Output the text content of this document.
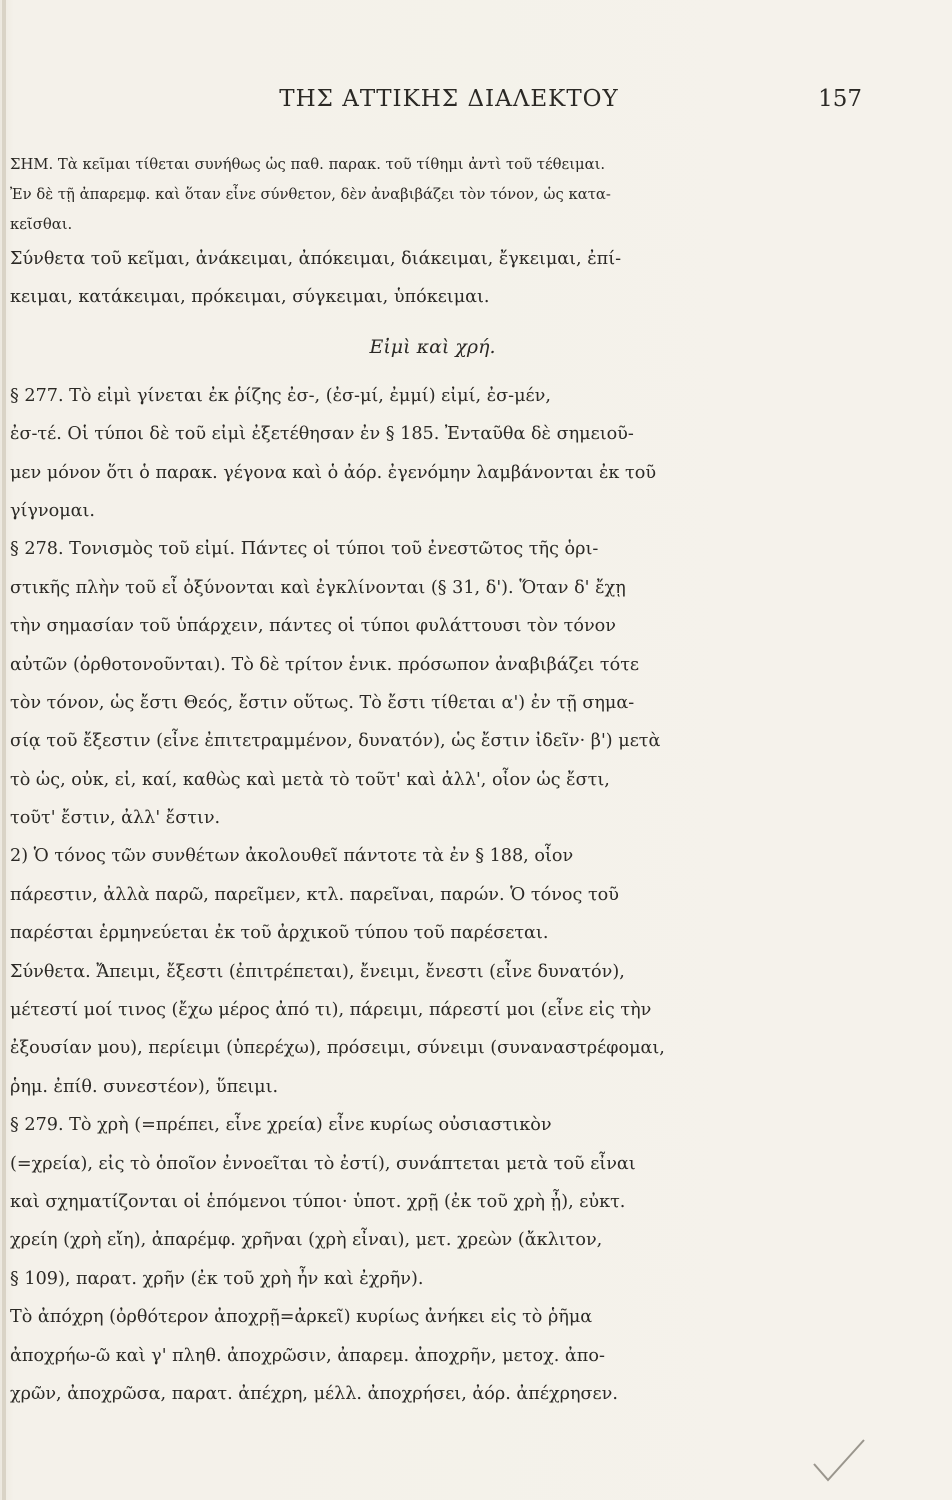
ΤΗΣ ΑΤΤΙΚΗΣ ΔΙΑΛΕΚΤΟΥ	157
ΣΗΜ. Τὰ κεῖμαι τίθεται συνήθως ὡς παθ. παρακ. τοῦ τίθημι ἀντὶ τοῦ τέθειμαι.
Ἐν δὲ τῇ ἀπαρεμφ. καὶ ὅταν εἶνε σύνθετον, δὲν ἀναβιβάζει τὸν τόνον, ὡς κατα-
κεῖσθαι.
Σύνθετα τοῦ κεῖμαι, ἀνάκειμαι, ἀπόκειμαι, διάκειμαι, ἔγκειμαι, ἐπί-
κειμαι, κατάκειμαι, πρόκειμαι, σύγκειμαι, ὑπόκειμαι.
Εἰμὶ καὶ χρή.
§ 277. Τὸ εἰμὶ γίνεται ἐκ ῥίζης ἐσ-, (ἐσ-μί, ἐμμί) εἰμί, ἐσ-μέν,
ἐσ-τέ. Οἱ τύποι δὲ τοῦ εἰμὶ ἐξετέθησαν ἐν § 185. Ἐνταῦθα δὲ σημειοῦ-
μεν μόνον ὅτι ὁ παρακ. γέγονα καὶ ὁ ἀόρ. ἐγενόμην λαμβάνονται ἐκ τοῦ
γίγνομαι.
§ 278. Τονισμὸς τοῦ εἰμί. Πάντες οἱ τύποι τοῦ ἐνεστῶτος τῆς ὁρι-
στικῆς πλὴν τοῦ εἶ ὀξύνονται καὶ ἐγκλίνονται (§ 31, δ'). Ὅταν δ' ἔχῃ
τὴν σημασίαν τοῦ ὑπάρχειν, πάντες οἱ τύποι φυλάττουσι τὸν τόνον
αὐτῶν (ὀρθοτονοῦνται). Τὸ δὲ τρίτον ἑνικ. πρόσωπον ἀναβιβάζει τότε
τὸν τόνον, ὡς ἔστι Θεός, ἔστιν οὕτως. Τὸ ἔστι τίθεται α') ἐν τῇ σημα-
σίᾳ τοῦ ἔξεστιν (εἶνε ἐπιτετραμμένον, δυνατόν), ὡς ἔστιν ἰδεῖν· β') μετὰ
τὸ ὡς, οὐκ, εἰ, καί, καθὼς καὶ μετὰ τὸ τοῦτ' καὶ ἀλλ', οἷον ὡς ἔστι,
τοῦτ' ἔστιν, ἀλλ' ἔστιν.
2) Ὁ τόνος τῶν συνθέτων ἀκολουθεῖ πάντοτε τὰ ἐν § 188, οἷον
πάρεστιν, ἀλλὰ παρῶ, παρεῖμεν, κτλ. παρεῖναι, παρών. Ὁ τόνος τοῦ
παρέσται ἑρμηνεύεται ἐκ τοῦ ἀρχικοῦ τύπου τοῦ παρέσεται.
Σύνθετα. Ἄπειμι, ἔξεστι (ἐπιτρέπεται), ἔνειμι, ἔνεστι (εἶνε δυνατόν),
μέτεστί μοί τινος (ἔχω μέρος ἀπό τι), πάρειμι, πάρεστί μοι (εἶνε εἰς τὴν
ἐξουσίαν μου), περίειμι (ὑπερέχω), πρόσειμι, σύνειμι (συναναστρέφομαι,
ῥημ. ἐπίθ. συνεστέον), ὕπειμι.
§ 279. Τὸ χρὴ (=πρέπει, εἶνε χρεία) εἶνε κυρίως οὐσιαστικὸν
(=χρεία), εἰς τὸ ὁποῖον ἐννοεῖται τὸ ἐστί), συνάπτεται μετὰ τοῦ εἶναι
καὶ σχηματίζονται οἱ ἑπόμενοι τύποι· ὑποτ. χρῇ (ἐκ τοῦ χρὴ ᾖ), εὐκτ.
χρείη (χρὴ εἴη), ἀπαρέμφ. χρῆναι (χρὴ εἶναι), μετ. χρεὼν (ἄκλιτον,
§ 109), παρατ. χρῆν (ἐκ τοῦ χρὴ ἦν καὶ ἐχρῆν).
Τὸ ἀπόχρη (ὀρθότερον ἀποχρῇ=ἀρκεῖ) κυρίως ἀνήκει εἰς τὸ ῥῆμα
ἀποχρήω-ῶ καὶ γ' πληθ. ἀποχρῶσιν, ἀπαρεμ. ἀποχρῆν, μετοχ. ἀπο-
χρῶν, ἀποχρῶσα, παρατ. ἀπέχρη, μέλλ. ἀποχρήσει, ἀόρ. ἀπέχρησεν.
